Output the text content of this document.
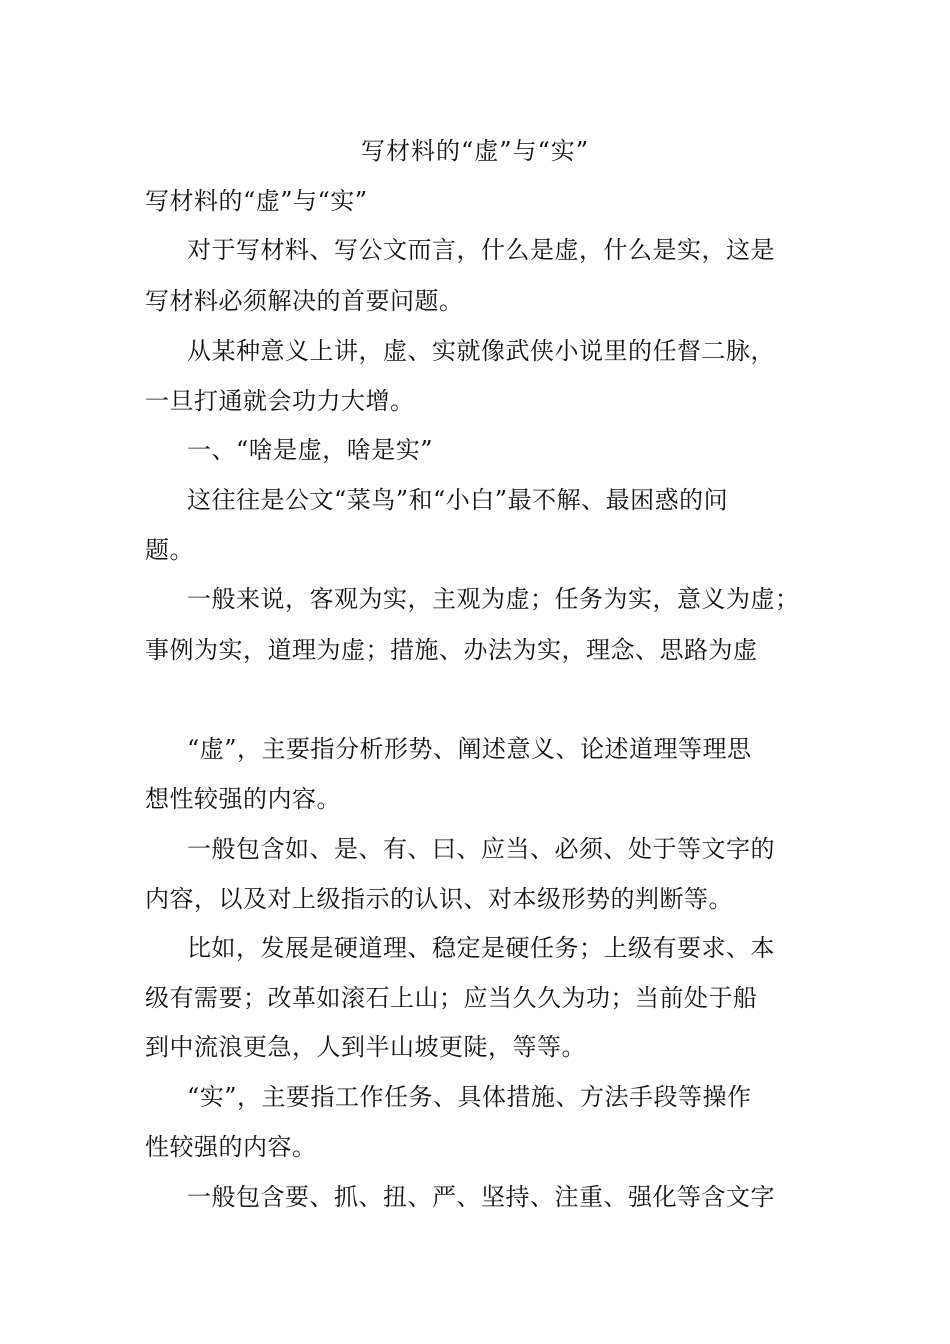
写材料的“虚”与“实”
写材料的“虚”与“实”
对于写材料、写公文而言，什么是虚，什么是实，这是
写材料必须解决的首要问题。
从某种意义上讲，虚、实就像武侠小说里的任督二脉，
一旦打通就会功力大增。
一、“啥是虚，啥是实”
这往往是公文“菜鸟”和“小白”最不解、最困惑的问
题。
一般来说，客观为实，主观为虚；任务为实，意义为虚；
事例为实，道理为虚；措施、办法为实，理念、思路为虚
“虚”，主要指分析形势、阐述意义、论述道理等理思
想性较强的内容。
一般包含如、是、有、曰、应当、必须、处于等文字的
内容，以及对上级指示的认识、对本级形势的判断等。
比如，发展是硬道理、稳定是硬任务；上级有要求、本
级有需要；改革如滚石上山；应当久久为功；当前处于船
到中流浪更急，人到半山坡更陡，等等。
“实”，主要指工作任务、具体措施、方法手段等操作
性较强的内容。
一般包含要、抓、扭、严、坚持、注重、强化等含文字
